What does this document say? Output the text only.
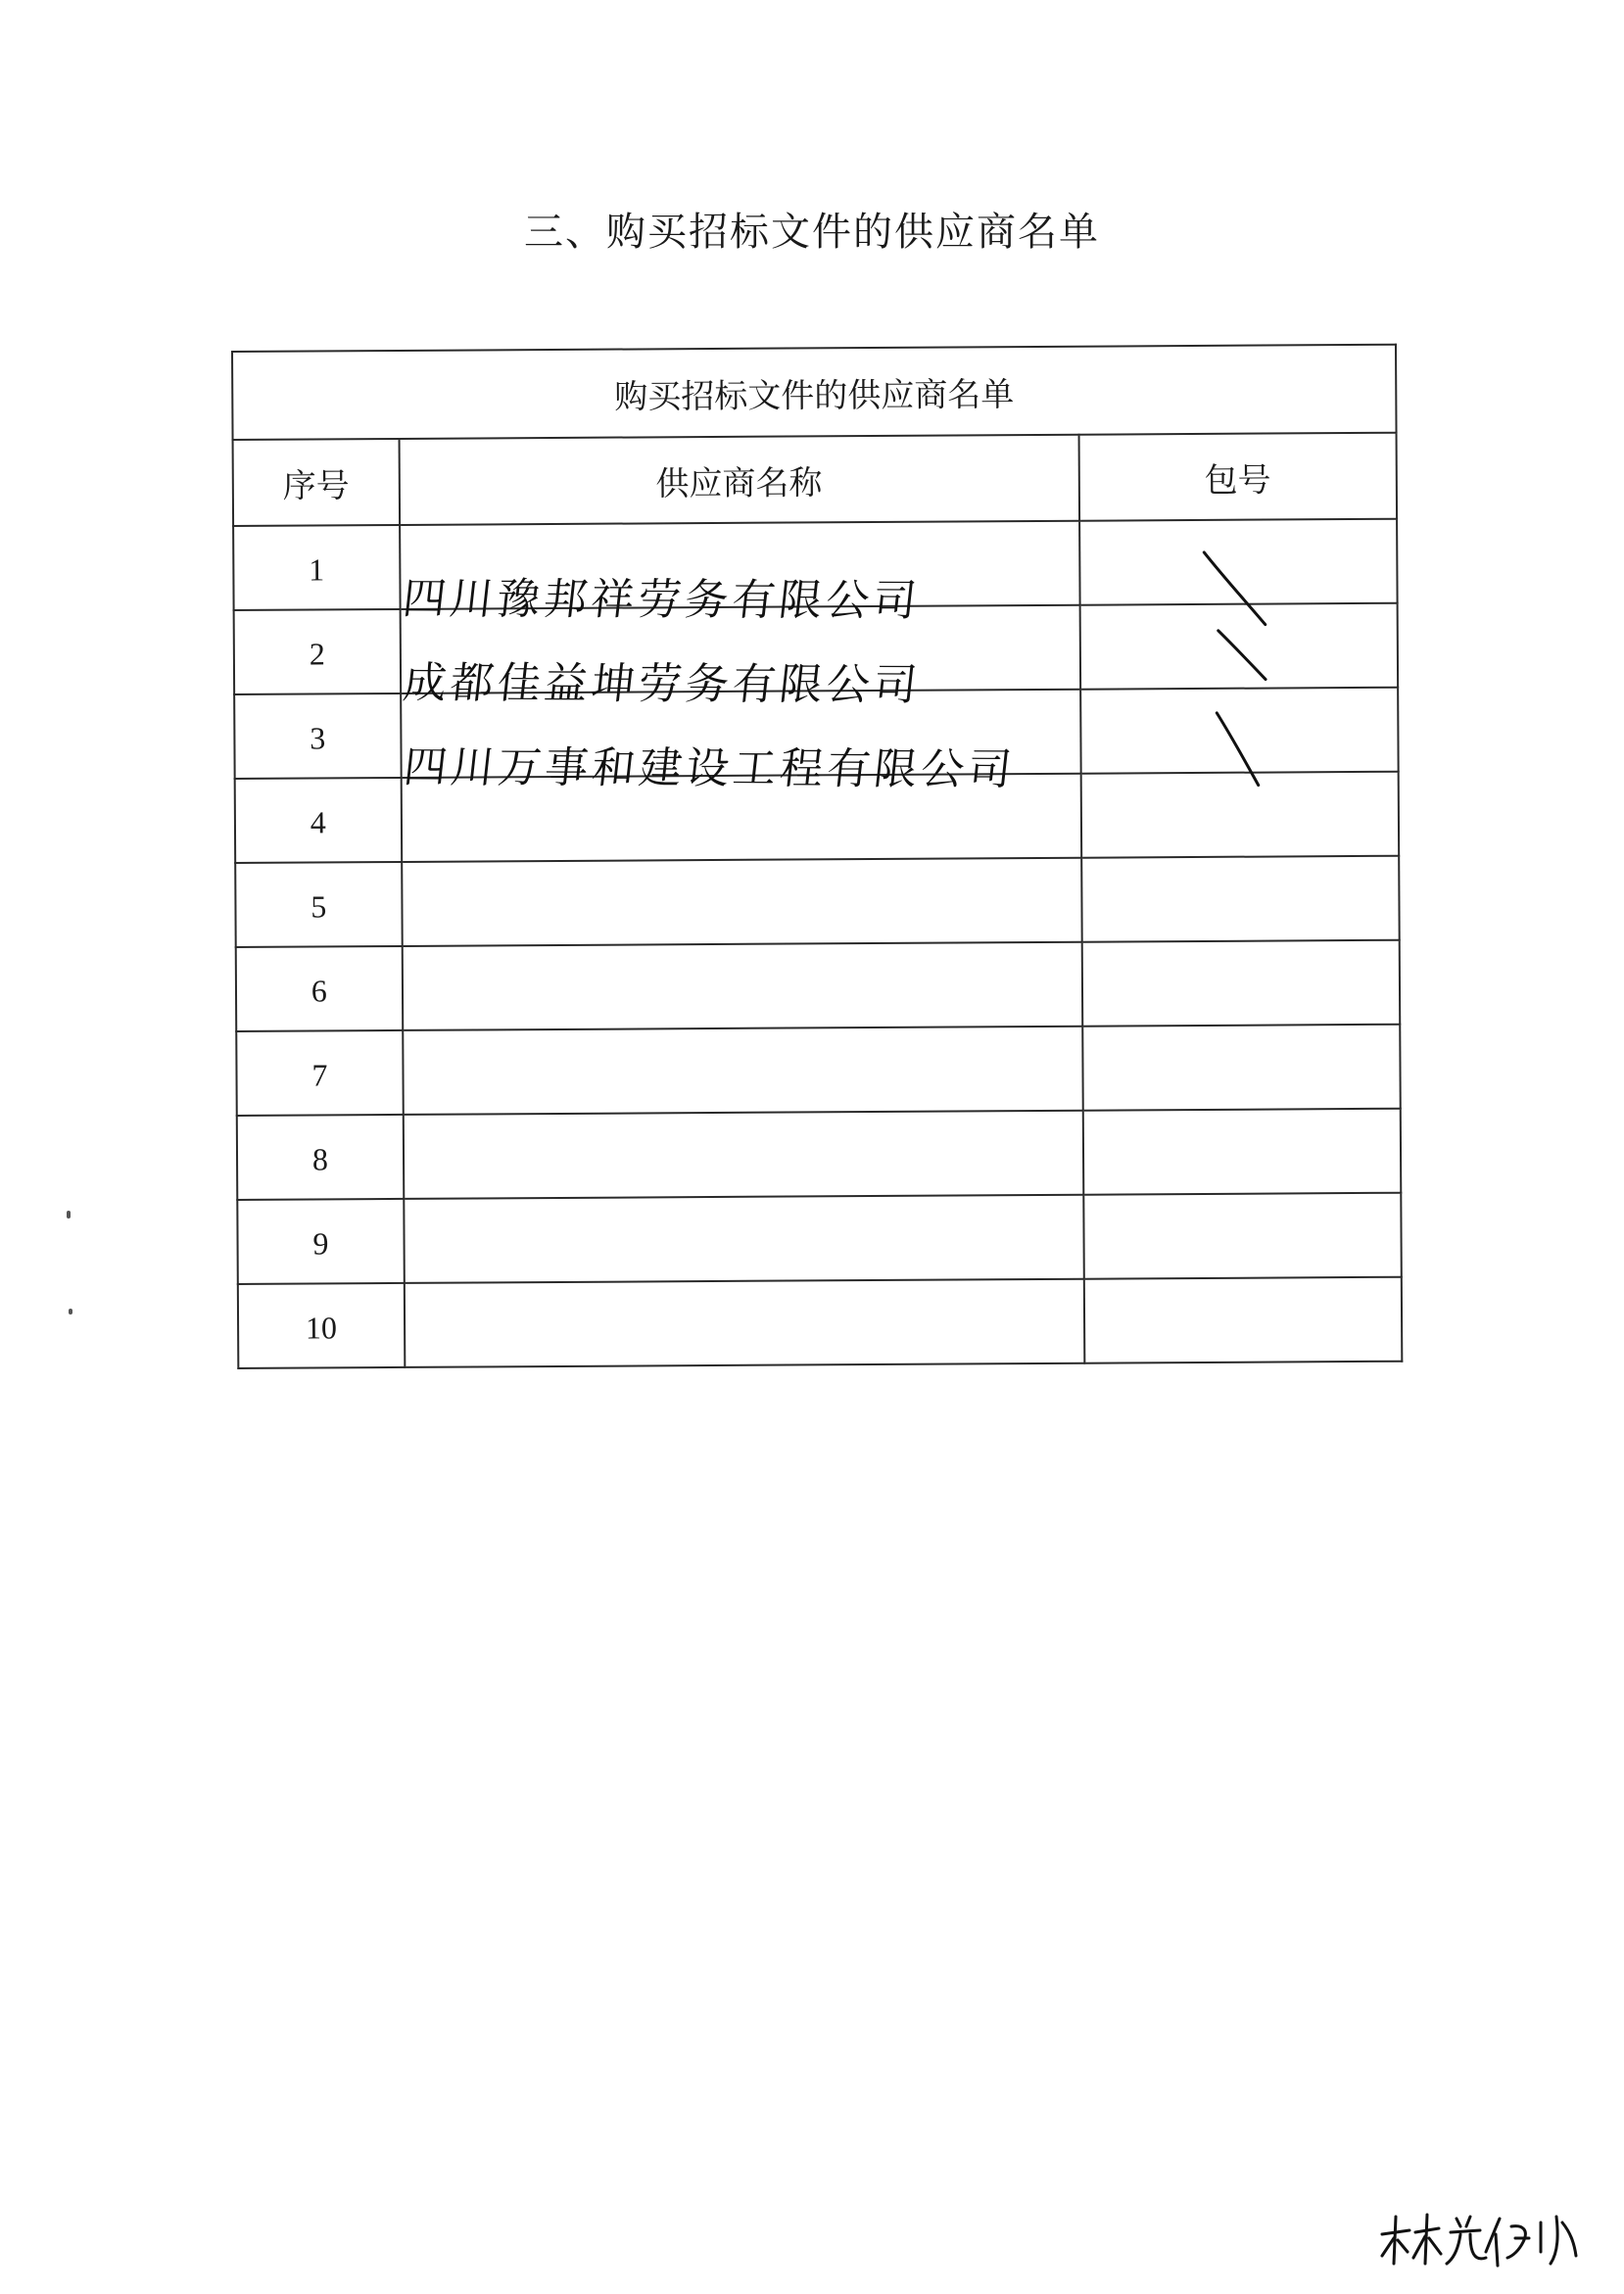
三、购买招标文件的供应商名单
购买招标文件的供应商名单		
序号	供应商名称	包号
1	四川豫邦祥劳务有限公司

2	成都佳益坤劳务有限公司

3	四川万事和建设工程有限公司

4		
5		
6		
7		
8		
9		
10		
